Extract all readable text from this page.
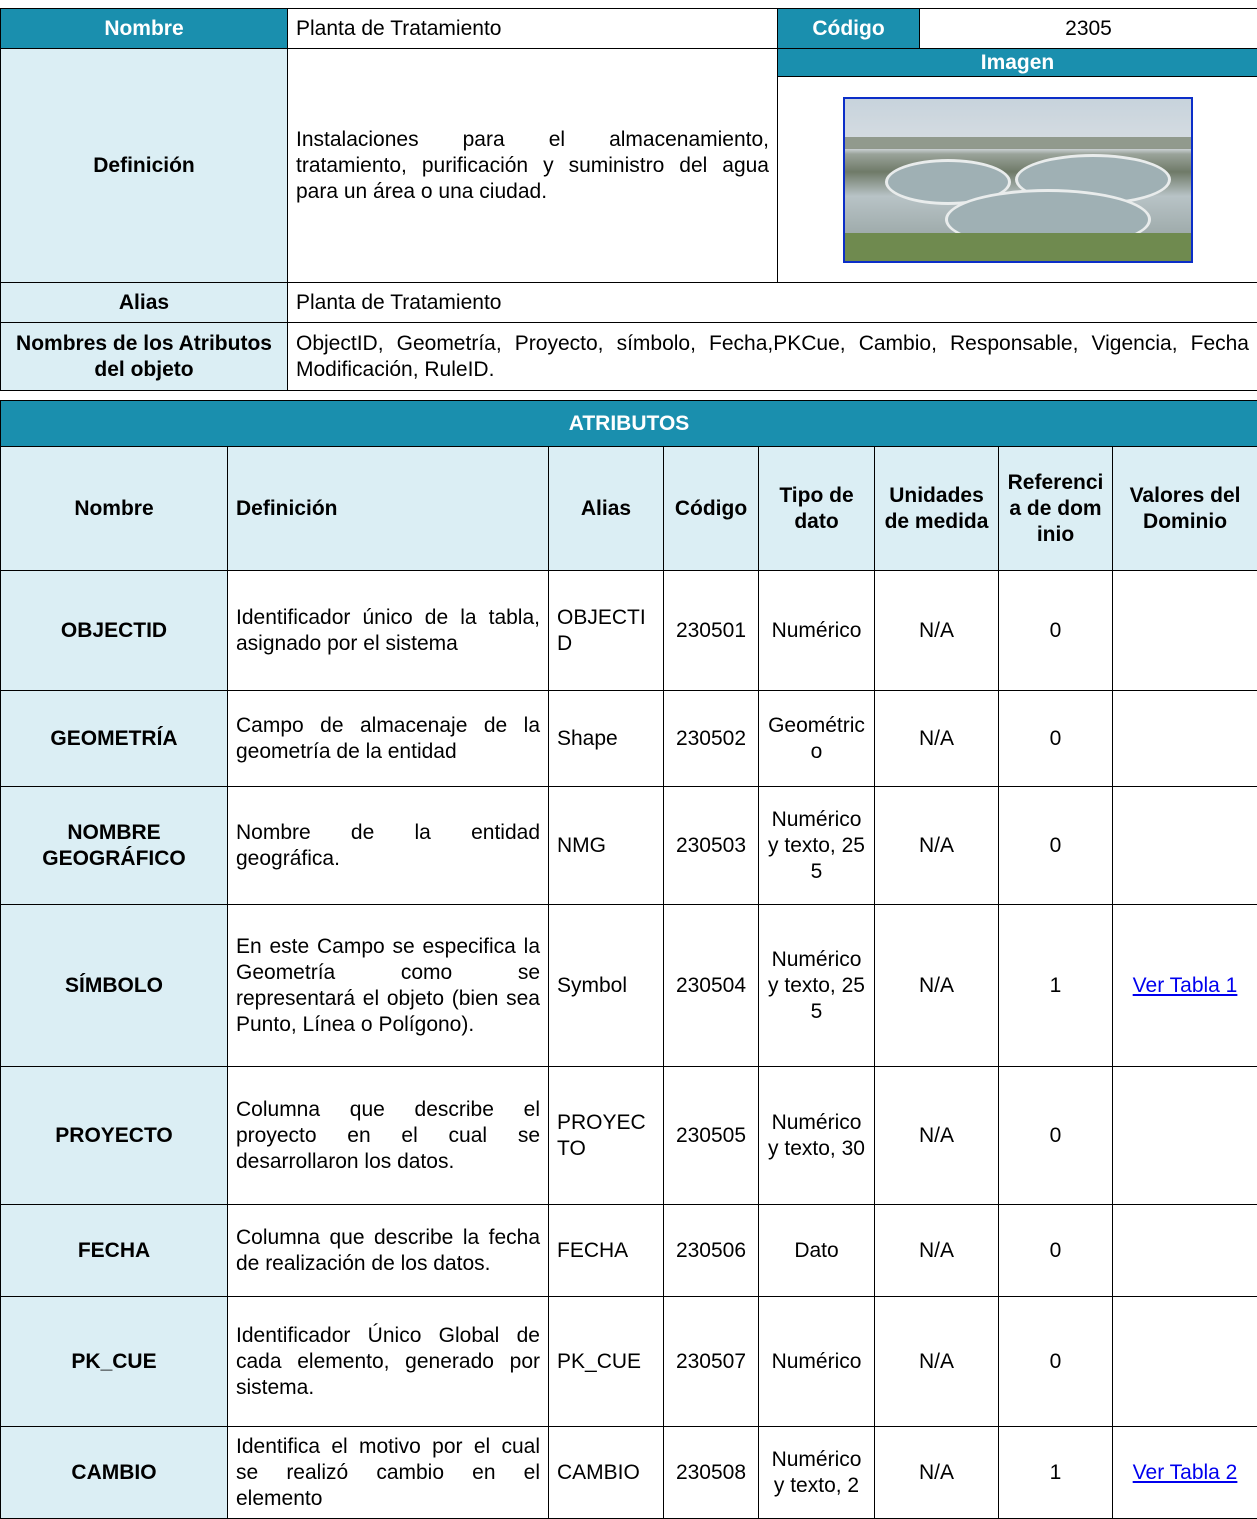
Nombre	Planta de Tratamiento	Código	2305
Definición	Instalaciones para el almacenamiento, tratamiento, purificación y suministro del agua para un área o una ciudad.	Imagen	

Alias	Planta de Tratamiento		
Nombres de los Atributos del objeto	ObjectID, Geometría, Proyecto, símbolo, Fecha,PKCue, Cambio, Responsable, Vigencia, Fecha Modificación, RuleID.		
ATRIBUTOS							
Nombre	Definición	Alias	Código	Tipo de dato	Unidades de medida	Referencia de dominio	Valores del Dominio
OBJECTID	Identificador único de la tabla, asignado por el sistema	OBJECTID	230501	Numérico	N/A	0	
GEOMETRÍA	Campo de almacenaje de la geometría de la entidad	Shape	230502	Geométrico	N/A	0	
NOMBRE GEOGRÁFICO	Nombre de la entidad geográfica.	NMG	230503	Numérico y texto, 255	N/A	0	
SÍMBOLO	En este Campo se especifica la Geometría como se representará el objeto (bien sea Punto, Línea o Polígono).	Symbol	230504	Numérico y texto, 255	N/A	1	Ver Tabla 1
PROYECTO	Columna que describe el proyecto en el cual se desarrollaron los datos.	PROYECTO	230505	Numérico y texto, 30	N/A	0	
FECHA	Columna que describe la fecha de realización de los datos.	FECHA	230506	Dato	N/A	0	
PK_CUE	Identificador Único Global de cada elemento, generado por sistema.	PK_CUE	230507	Numérico	N/A	0	
CAMBIO	Identifica el motivo por el cual se realizó cambio en el elemento	CAMBIO	230508	Numérico y texto, 2	N/A	1	Ver Tabla 2
